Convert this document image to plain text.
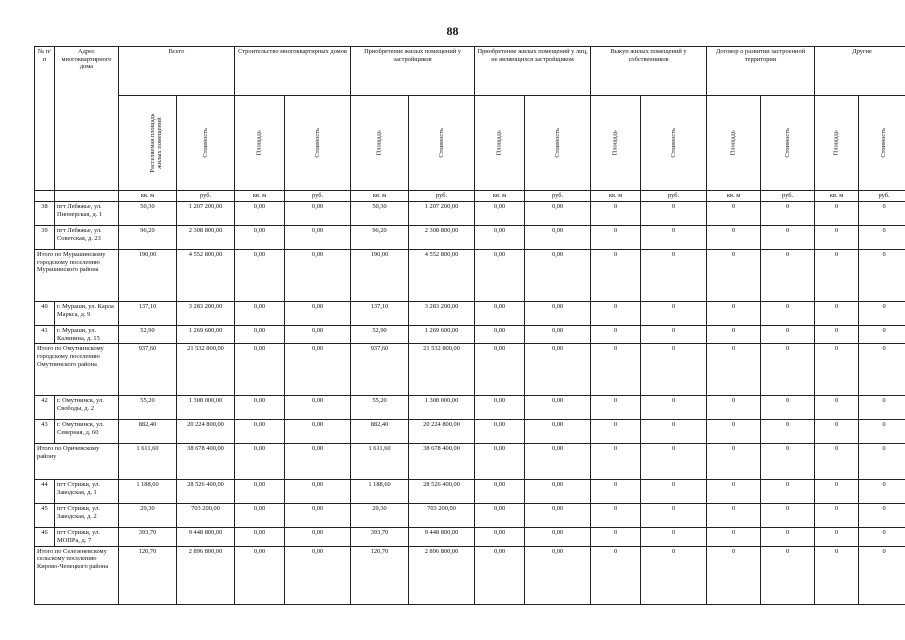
88
№ п/п	Адрес многоквартирного дома	Всего		Строительство многоквартирных домов		Приобретение жилых помещений у застройщиков		Приобретение жилых помещений у лиц, не являющихся застройщиком		Выкуп жилых помещений у собственников		Договор о развитии застроенной территории		Другие	
		Расселяемая площадь жилых помещений	Стоимость	Площадь	Стоимость	Площадь	Стоимость	Площадь	Стоимость	Площадь	Стоимость	Площадь	Стоимость	Площадь	Стоимость
		кв. м	руб.	кв. м	руб.	кв. м	руб.	кв. м	руб.	кв. м	руб.	кв. м	руб.	кв. м	руб.
38	пгт Лебяжье, ул. Пионерская, д. 1	50,30	1 207 200,00	0,00	0,00	50,30	1 207 200,00	0,00	0,00	0	0	0	0	0	0
39	пгт Лебяжье, ул. Советская, д. 23	96,20	2 308 800,00	0,00	0,00	96,20	2 308 800,00	0,00	0,00	0	0	0	0	0	0
Итого по Мурашинскому городскому поселению Мурашинского района		190,00	4 552 800,00	0,00	0,00	190,00	4 552 800,00	0,00	0,00	0	0	0	0	0	0
40	г. Мураши, ул. Карла Маркса, д. 9	137,10	3 283 200,00	0,00	0,00	137,10	3 283 200,00	0,00	0,00	0	0	0	0	0	0
41	г. Мураши, ул. Калинина, д. 15	52,90	1 269 600,00	0,00	0,00	52,90	1 269 600,00	0,00	0,00	0	0	0	0	0	0
Итого по Омутнинскому городскому поселению Омутнинского района		937,60	21 532 800,00	0,00	0,00	937,60	21 532 800,00	0,00	0,00	0	0	0	0	0	0
42	г. Омутнинск, ул. Свободы, д. 2	55,20	1 308 000,00	0,00	0,00	55,20	1 308 000,00	0,00	0,00	0	0	0	0	0	0
43	г. Омутнинск, ул. Северная, д. 60	882,40	20 224 800,00	0,00	0,00	882,40	20 224 800,00	0,00	0,00	0	0	0	0	0	0
Итого по Оричевскому району		1 611,60	38 678 400,00	0,00	0,00	1 611,60	38 678 400,00	0,00	0,00	0	0	0	0	0	0
44	пгт Стрижи, ул. Заводская, д. 1	1 188,60	28 526 400,00	0,00	0,00	1 188,60	28 526 400,00	0,00	0,00	0	0	0	0	0	0
45	пгт Стрижи, ул. Заводская, д. 2	29,30	703 200,00	0,00	0,00	29,30	703 200,00	0,00	0,00	0	0	0	0	0	0
46	пгт Стрижи, ул. МОПРа, д. 7	393,70	9 448 800,00	0,00	0,00	393,70	9 448 800,00	0,00	0,00	0	0	0	0	0	0
Итого по Селезеневскому сельскому поселению Кирово-Чепецкого района		120,70	2 896 800,00	0,00	0,00	120,70	2 896 800,00	0,00	0,00	0	0	0	0	0	0
